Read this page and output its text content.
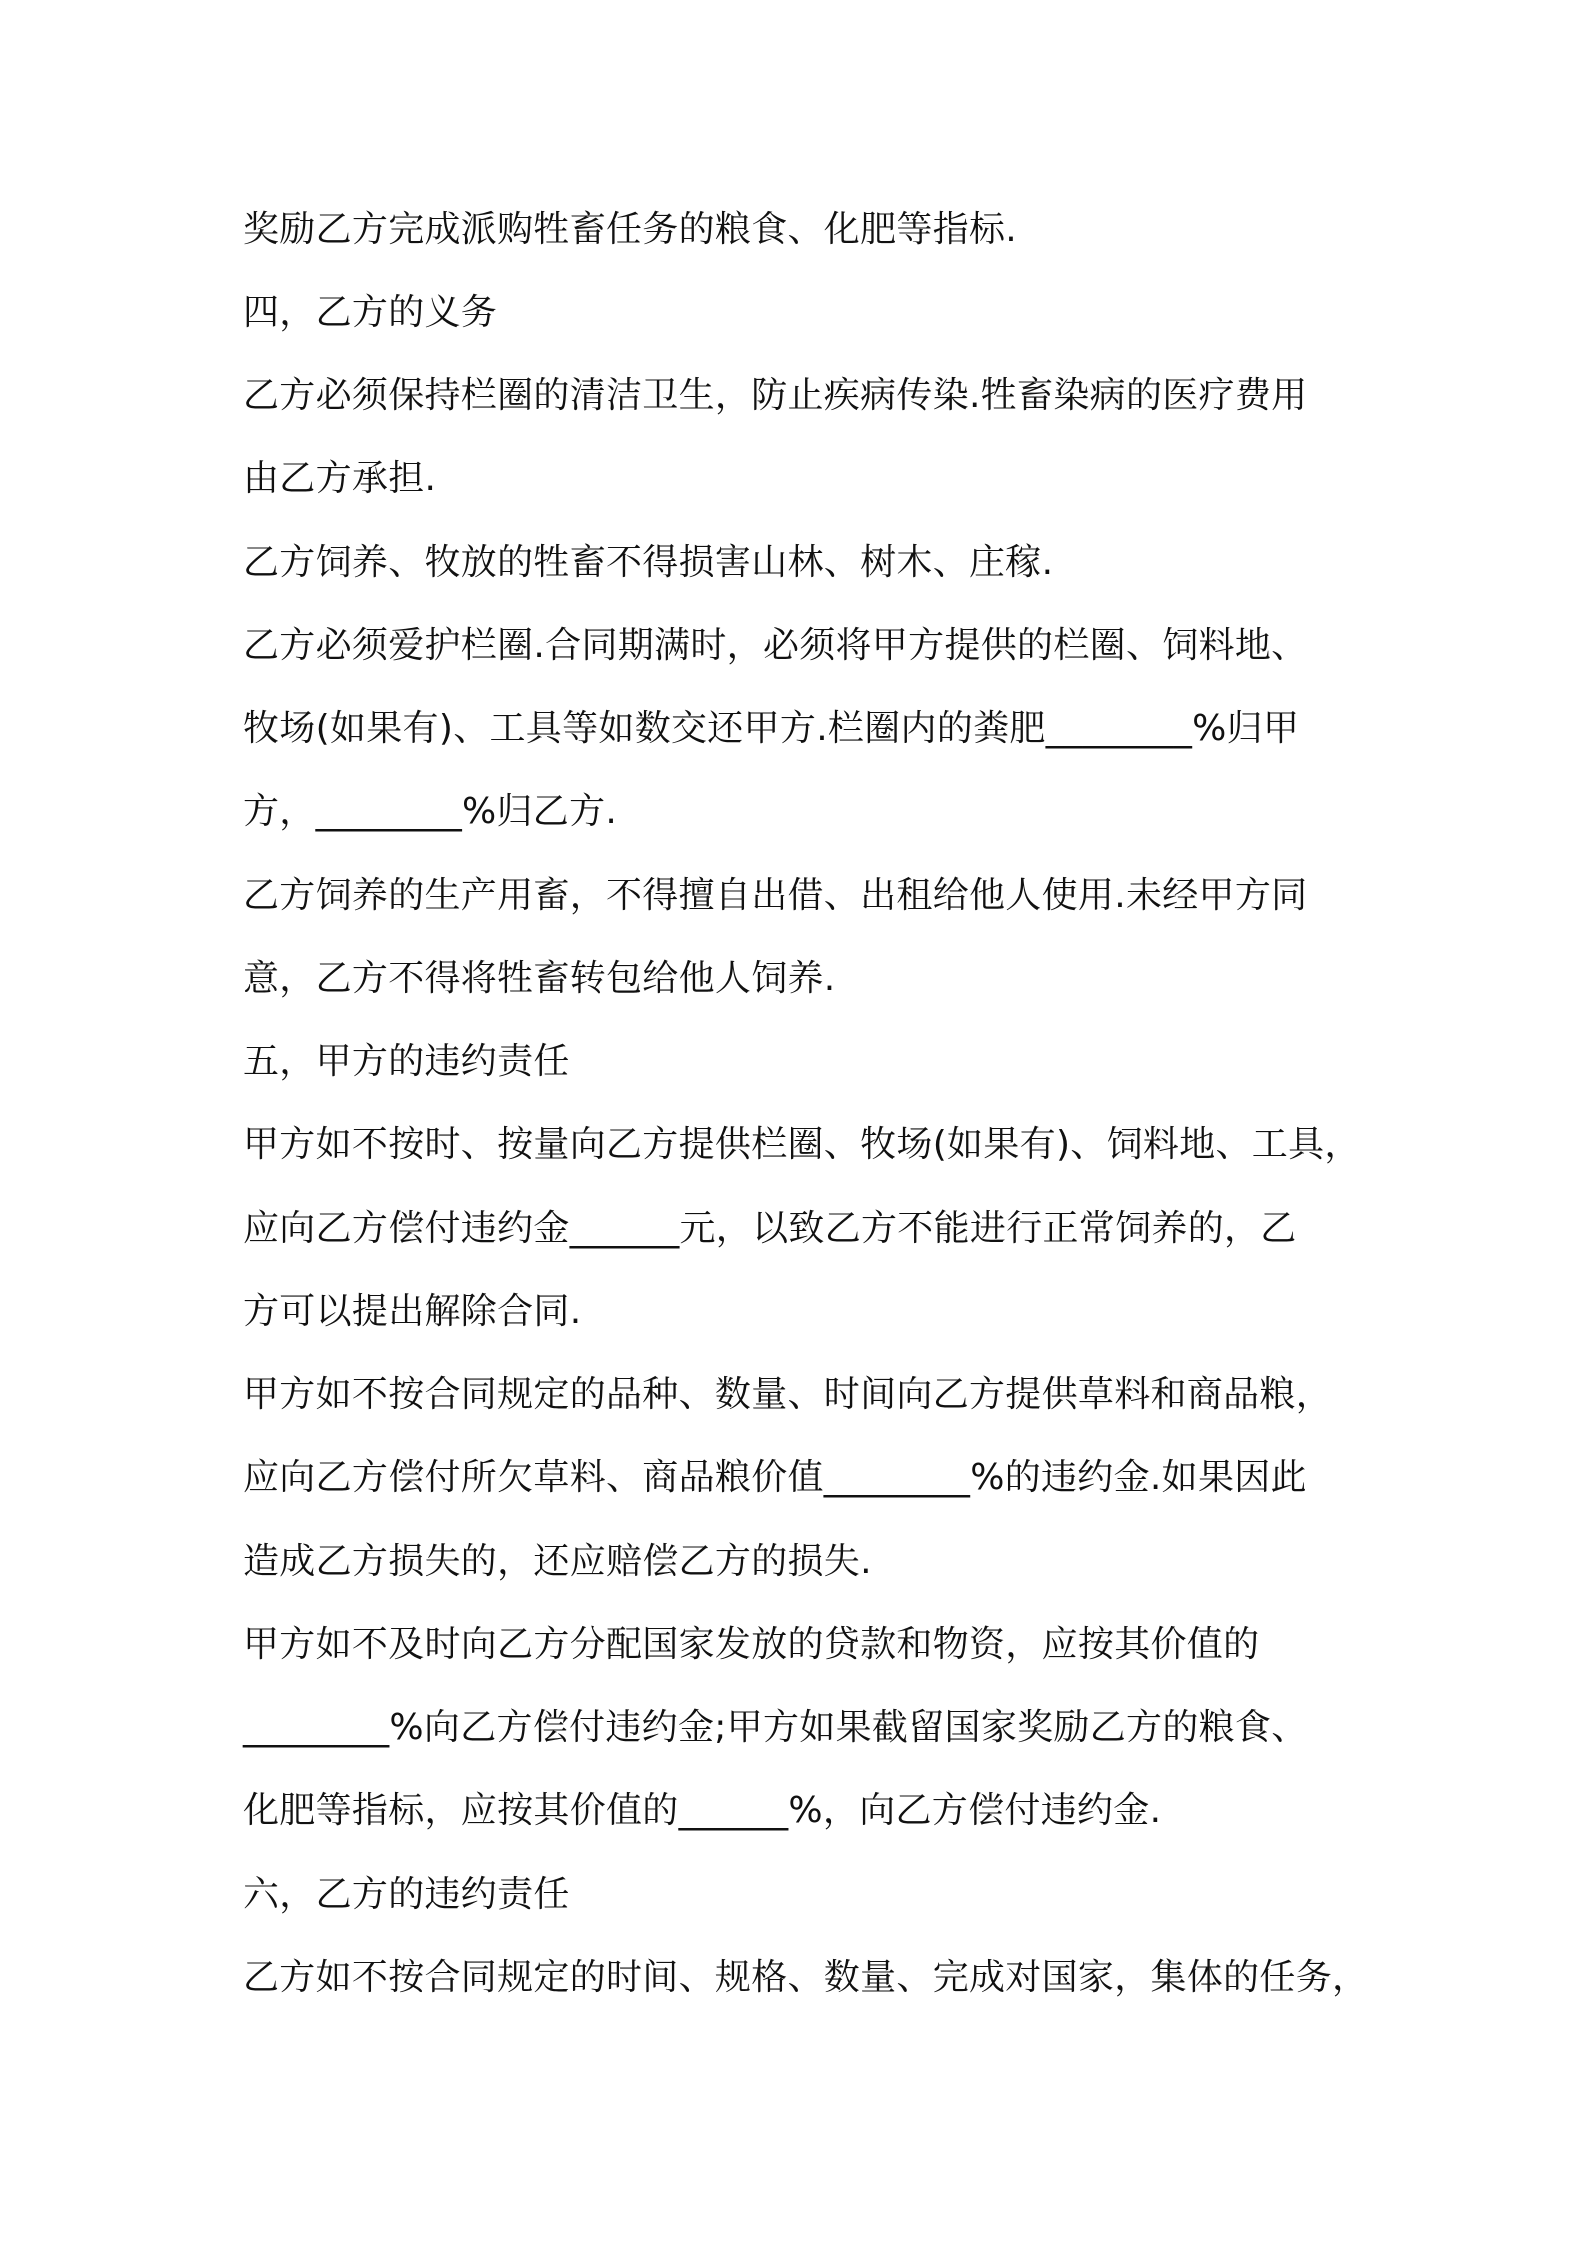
奖励乙方完成派购牲畜任务的粮食、化肥等指标.

四，乙方的义务

乙方必须保持栏圈的清洁卫生，防止疾病传染.牲畜染病的医疗费用

由乙方承担.

乙方饲养、牧放的牲畜不得损害山林、树木、庄稼.

乙方必须爱护栏圈.合同期满时，必须将甲方提供的栏圈、饲料地、

牧场(如果有)、工具等如数交还甲方.栏圈内的粪肥________%归甲

方，________%归乙方.

乙方饲养的生产用畜，不得擅自出借、出租给他人使用.未经甲方同

意，乙方不得将牲畜转包给他人饲养.

五，甲方的违约责任

甲方如不按时、按量向乙方提供栏圈、牧场(如果有)、饲料地、工具，

应向乙方偿付违约金______元，以致乙方不能进行正常饲养的，乙

方可以提出解除合同.

甲方如不按合同规定的品种、数量、时间向乙方提供草料和商品粮，

应向乙方偿付所欠草料、商品粮价值________%的违约金.如果因此

造成乙方损失的，还应赔偿乙方的损失.

甲方如不及时向乙方分配国家发放的贷款和物资，应按其价值的

________%向乙方偿付违约金;甲方如果截留国家奖励乙方的粮食、

化肥等指标，应按其价值的______%，向乙方偿付违约金.

六，乙方的违约责任

乙方如不按合同规定的时间、规格、数量、完成对国家，集体的任务，
